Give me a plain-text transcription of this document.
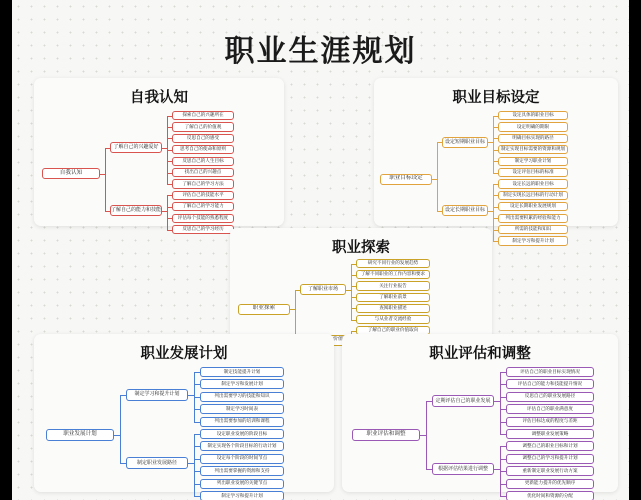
职业生涯规划
自我认知
自我认知
了解自己的兴趣爱好
探索自己的兴趣所在
了解自己的价值观
反思自己的感受
思考自己的使命和原则
反思自己的人生目标
找出自己的兴趣点
了解自己的学习方法
了解自己的能力和技能
评估自己的技能水平
了解自己的学习能力
评估每个技能的熟悉程度
反思自己的学习经历
职业目标设定
职业目标设定
设定短期职业目标
设定具体的职业目标
设定明确的期限
明确目标实现的路径
制定实现目标需要的资源和规划
制定学习职业计划
设定评估目标的标准
设定长期职业目标
设定长远的职业目标
制定实现长远目标的行动计划
设定长期职业发展规划
列出需要积累的经验和能力
所需的技能和知识
制定学习和提升计划
职业探索
职业探索
了解职业市场
研究不同行业的发展趋势
了解不同职业的工作内容和要求
关注行业报告
了解职业前景
查阅职业描述
与从业者交流经验
了解自己的职业价值取向
职业发展计划
职业发展计划
制定学习和提升计划
制定技能提升计划
制定学习和发展计划
列出需要学习的技能和知识
制定学习时间表
列出需要参加的培训和课程
制定职业发展路径
设定职业发展的阶段目标
制定实现各个阶段目标的行动计划
设定每个阶段的时间节点
列出需要掌握的资源和支持
列出职业发展的关键节点
制定学习和提升计划
职业评估和调整
职业评估和调整
定期评估自己的职业发展
评估自己的职业目标实现情况
评估自己的能力和技能提升情况
反思自己的职业发展路径
评估自己的职业满意度
评估目标达成的程度与差距
调整职业发展策略
根据评估结果进行调整
调整自己的职业目标和计划
调整自己的学习和提升计划
重新制定职业发展行动方案
更新能力提升的优先顺序
优化时间和资源的分配
